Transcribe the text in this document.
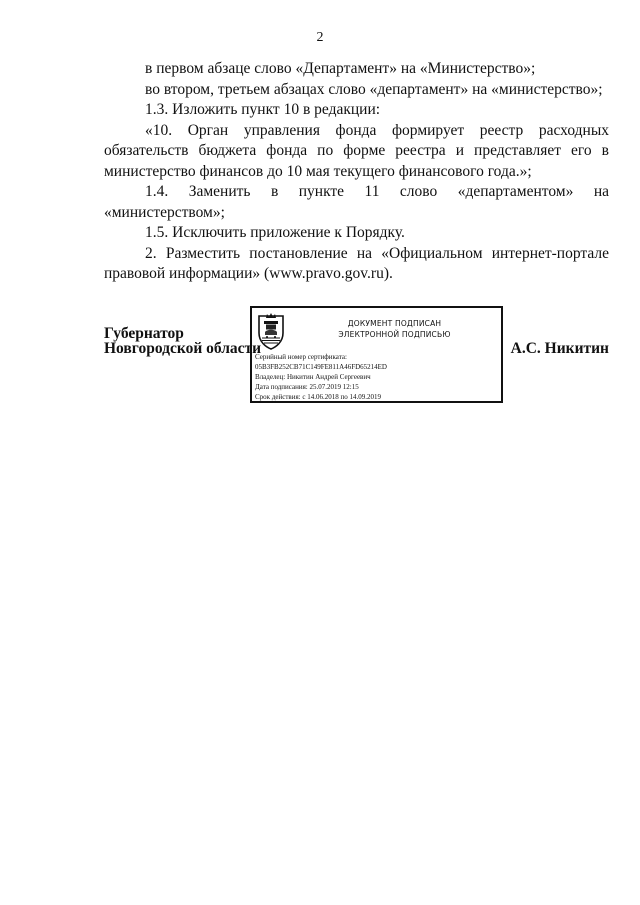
2

в первом абзаце слово «Департамент» на «Министерство»;

во втором, третьем абзацах слово «департамент» на «министерство»;

1.3. Изложить пункт 10 в редакции:

«10. Орган управления фонда формирует реестр расходных обязательств бюджета фонда по форме реестра и представляет его в министерство финансов до 10 мая текущего финансового года.»;

1.4. Заменить в пункте 11 слово «департаментом» на «министерством»;

1.5. Исключить приложение к Порядку.

2. Разместить постановление на «Официальном интернет-портале правовой информации» (www.pravo.gov.ru).

Губернатор
Новгородской области
ДОКУМЕНТ ПОДПИСАН
ЭЛЕКТРОННОЙ ПОДПИСЬЮ
Серийный номер сертификата:
05B3FB252CB71C149FE811A46FD65214ED
Владелец: Никитин Андрей Сергеевич
Дата подписания: 25.07.2019 12:15
Срок действия: с 14.06.2018 по 14.09.2019
А.С. Никитин
